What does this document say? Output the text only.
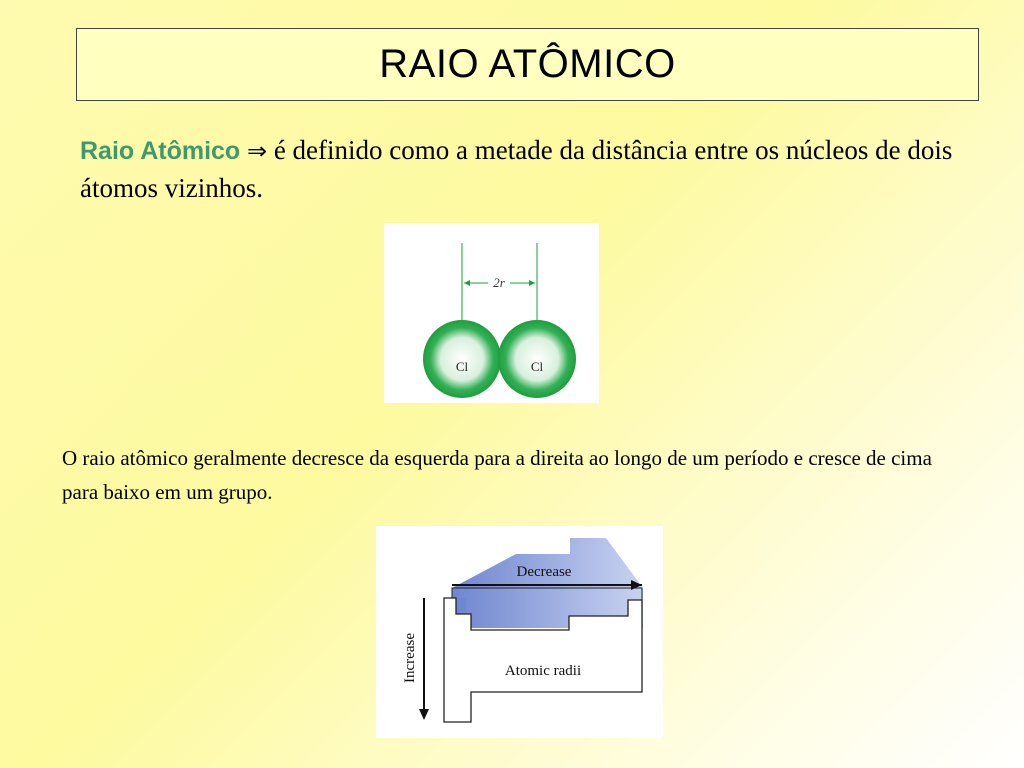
RAIO ATÔMICO
Raio Atômico ⇒ é definido como a metade da distância entre os núcleos de dois átomos vizinhos.
2r
Cl	Cl
O raio atômico geralmente decresce da esquerda para a direita ao longo de um período e cresce de cima para baixo em um grupo.
Decrease
Increase	Atomic radii
